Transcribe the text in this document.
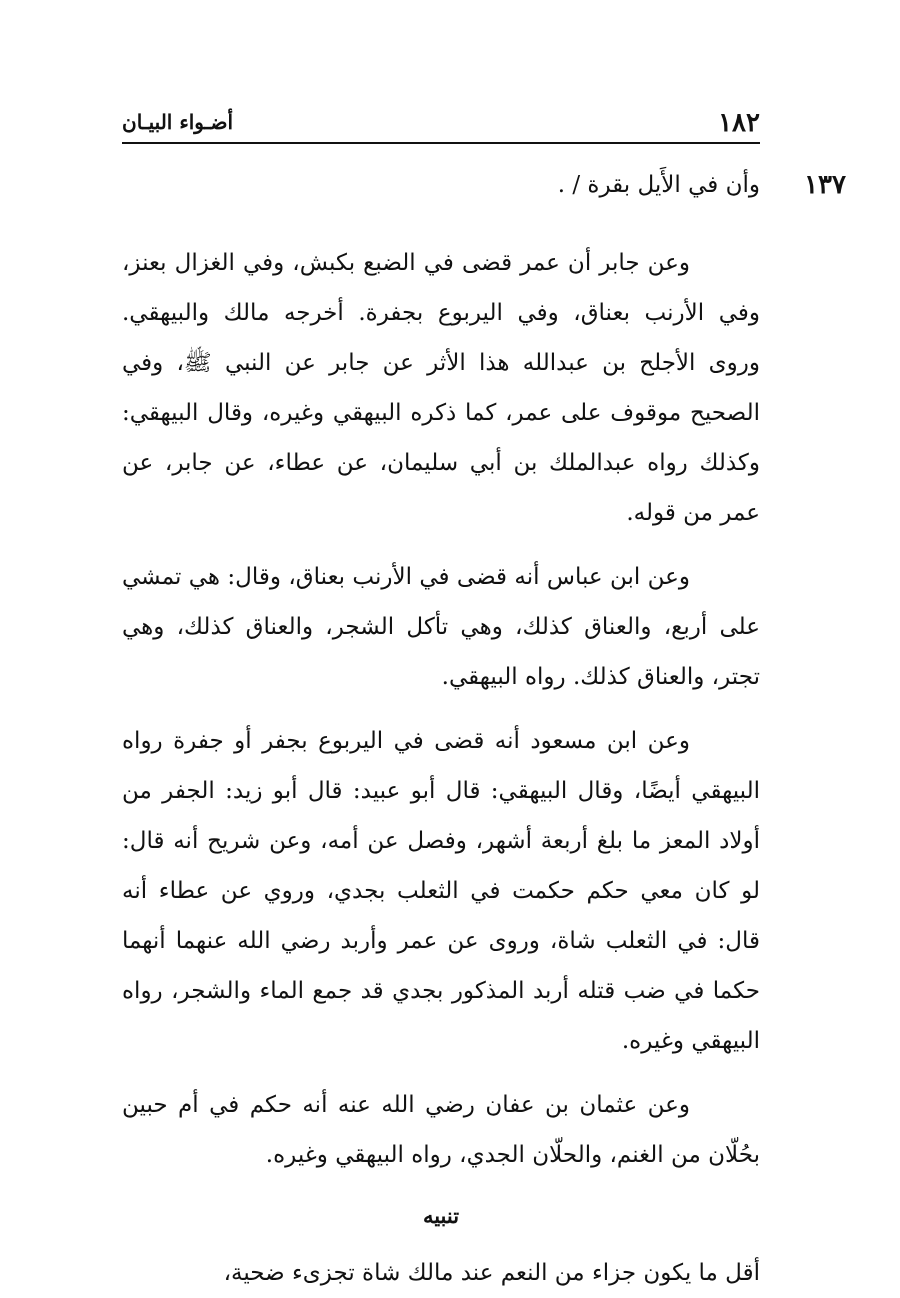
١٨٢
أضـواء البيـان
١٣٧

وأن في الأَيل بقرة / .

وعن جابر أن عمر قضى في الضبع بكبش، وفي الغزال بعنز، وفي الأرنب بعناق، وفي اليربوع بجفرة. أخرجه مالك والبيهقي. وروى الأجلح بن عبدالله هذا الأثر عن جابر عن النبي ﷺ، وفي الصحيح موقوف على عمر، كما ذكره البيهقي وغيره، وقال البيهقي: وكذلك رواه عبدالملك بن أبي سليمان، عن عطاء، عن جابر، عن عمر من قوله.

وعن ابن عباس أنه قضى في الأرنب بعناق، وقال: هي تمشي على أربع، والعناق كذلك، وهي تأكل الشجر، والعناق كذلك، وهي تجتر، والعناق كذلك. رواه البيهقي.

وعن ابن مسعود أنه قضى في اليربوع بجفر أو جفرة رواه البيهقي أيضًا، وقال البيهقي: قال أبو عبيد: قال أبو زيد: الجفر من أولاد المعز ما بلغ أربعة أشهر، وفصل عن أمه، وعن شريح أنه قال: لو كان معي حكم حكمت في الثعلب بجدي، وروي عن عطاء أنه قال: في الثعلب شاة، وروى عن عمر وأربد رضي الله عنهما أنهما حكما في ضب قتله أربد المذكور بجدي قد جمع الماء والشجر، رواه البيهقي وغيره.

وعن عثمان بن عفان رضي الله عنه أنه حكم في أم حبين بحُلّان من الغنم، والحلّان الجدي، رواه البيهقي وغيره.

تنبيه

أقل ما يكون جزاء من النعم عند مالك شاة تجزىء ضحية،
